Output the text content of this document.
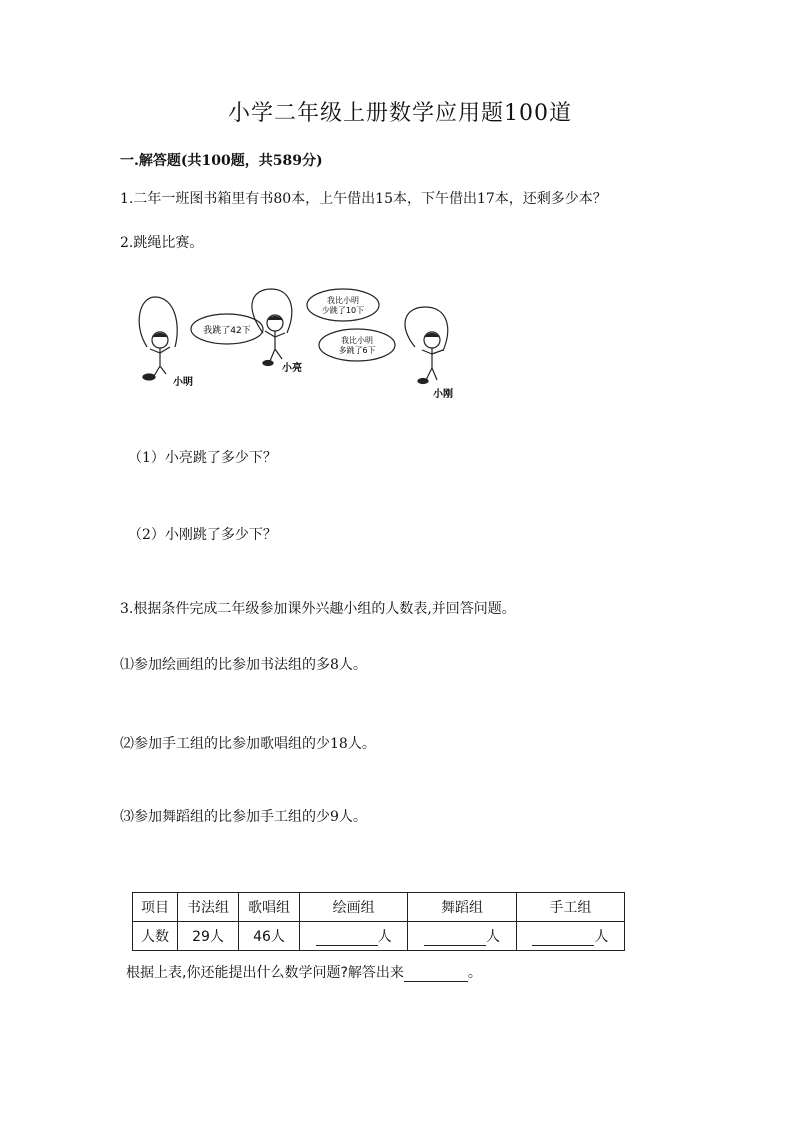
小学二年级上册数学应用题100道
一.解答题(共100题，共589分)
1.二年一班图书箱里有书80本，上午借出15本，下午借出17本，还剩多少本？
2.跳绳比赛。
我跳了42下
小明
小亮
我比小明
少跳了10下
我比小明
多跳了6下
小刚
（1）小亮跳了多少下？
（2）小刚跳了多少下？
3.根据条件完成二年级参加课外兴趣小组的人数表,并回答问题。
⑴参加绘画组的比参加书法组的多8人。
⑵参加手工组的比参加歌唱组的少18人。
⑶参加舞蹈组的比参加手工组的少9人。
项目	书法组	歌唱组	绘画组	舞蹈组	手工组
人数	29人	46人	人	人	人
根据上表,你还能提出什么数学问题?解答出来	。
